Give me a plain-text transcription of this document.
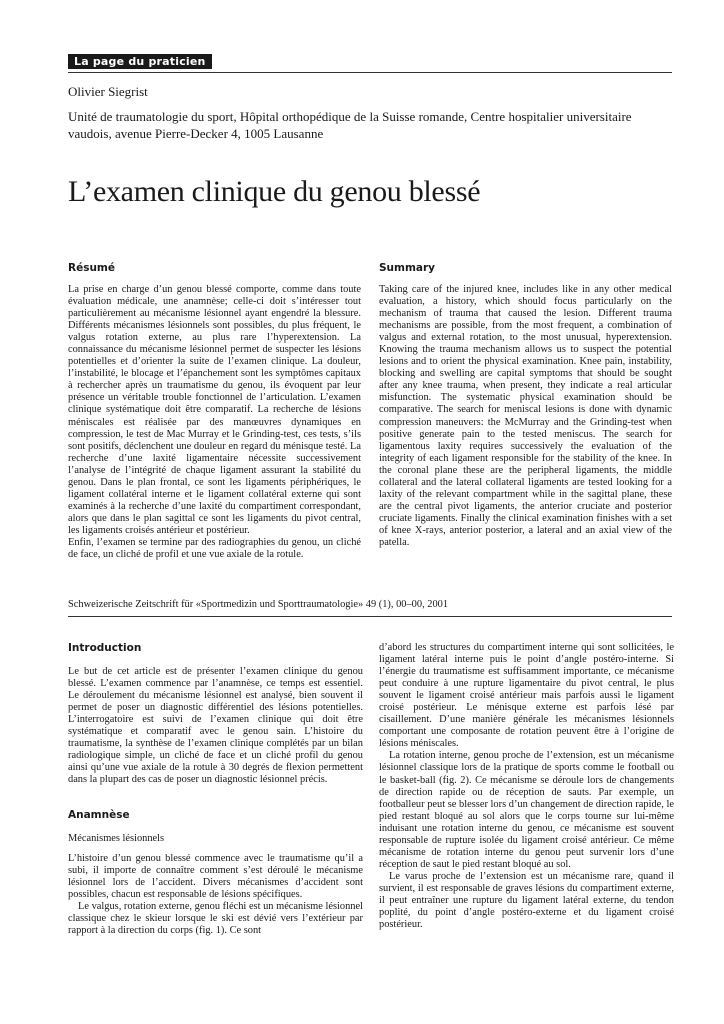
La page du praticien
Olivier Siegrist
Unité de traumatologie du sport, Hôpital orthopédique de la Suisse romande, Centre hospitalier universitaire vaudois, avenue Pierre-Decker 4, 1005 Lausanne
L’examen clinique du genou blessé
Résumé

La prise en charge d’un genou blessé comporte, comme dans toute évaluation médicale, une anamnèse; celle-ci doit s’intéresser tout particulièrement au mécanisme lésionnel ayant engendré la blessure. Différents mécanismes lésionnels sont possibles, du plus fréquent, le valgus rotation externe, au plus rare l’hyperextension. La connaissance du mécanisme lésionnel permet de suspecter les lésions potentielles et d’orienter la suite de l’examen clinique. La douleur, l’instabilité, le blocage et l’épanchement sont les symptômes capitaux à rechercher après un traumatisme du genou, ils évoquent par leur présence un véritable trouble fonctionnel de l’articulation. L’examen clinique systématique doit être comparatif. La recherche de lésions méniscales est réalisée par des manœuvres dynamiques en compression, le test de Mac Murray et le Grinding-test, ces tests, s’ils sont positifs, déclenchent une douleur en regard du ménisque testé. La recherche d’une laxité ligamentaire nécessite successivement l’analyse de l’intégrité de chaque ligament assurant la stabilité du genou. Dans le plan frontal, ce sont les ligaments périphériques, le ligament collatéral interne et le ligament collatéral externe qui sont examinés à la recherche d’une laxité du compartiment correspondant, alors que dans le plan sagittal ce sont les ligaments du pivot central, les ligaments croisés antérieur et postérieur.

Enfin, l’examen se termine par des radiographies du genou, un cliché de face, un cliché de profil et une vue axiale de la rotule.

Summary

Taking care of the injured knee, includes like in any other medical evaluation, a history, which should focus particularly on the mechanism of trauma that caused the lesion. Different trauma mechanisms are possible, from the most frequent, a combination of valgus and external rotation, to the most unusual, hyperextension. Knowing the trauma mechanism allows us to suspect the potential lesions and to orient the physical examination. Knee pain, instability, blocking and swelling are capital symptoms that should be sought after any knee trauma, when present, they indicate a real articular misfunction. The systematic physical examination should be comparative. The search for meniscal lesions is done with dynamic compression maneuvers: the McMurray and the Grinding-test when positive generate pain to the tested meniscus. The search for ligamentous laxity requires successively the evaluation of the integrity of each ligament responsible for the stability of the knee. In the coronal plane these are the peripheral ligaments, the middle collateral and the lateral collateral ligaments are tested looking for a laxity of the relevant compartment while in the sagittal plane, these are the central pivot ligaments, the anterior cruciate and posterior cruciate ligaments. Finally the clinical examination finishes with a set of knee X-rays, anterior posterior, a lateral and an axial view of the patella.

Schweizerische Zeitschrift für «Sportmedizin und Sporttraumatologie» 49 (1), 00–00, 2001
Introduction

Le but de cet article est de présenter l’examen clinique du genou blessé. L’examen commence par l’anamnèse, ce temps est essentiel. Le déroulement du mécanisme lésionnel est analysé, bien souvent il permet de poser un diagnostic différentiel des lésions potentielles. L’interrogatoire est suivi de l’examen clinique qui doit être systématique et comparatif avec le genou sain. L’histoire du traumatisme, la synthèse de l’examen clinique complétés par un bilan radiologique simple, un cliché de face et un cliché profil du genou ainsi qu’une vue axiale de la rotule à 30 degrés de flexion permettent dans la plupart des cas de poser un diagnostic lésionnel précis.

Anamnèse
Mécanismes lésionnels

L’histoire d’un genou blessé commence avec le traumatisme qu’il a subi, il importe de connaître comment s’est déroulé le mécanisme lésionnel lors de l’accident. Divers mécanismes d’accident sont possibles, chacun est responsable de lésions spécifiques.

Le valgus, rotation externe, genou fléchi est un mécanisme lésionnel classique chez le skieur lorsque le ski est dévié vers l’extérieur par rapport à la direction du corps (fig. 1). Ce sont

d’abord les structures du compartiment interne qui sont sollicitées, le ligament latéral interne puis le point d’angle postéro-interne. Si l’énergie du traumatisme est suffisamment importante, ce mécanisme peut conduire à une rupture ligamentaire du pivot central, le plus souvent le ligament croisé antérieur mais parfois aussi le ligament croisé postérieur. Le ménisque externe est parfois lésé par cisaillement. D’une manière générale les mécanismes lésionnels comportant une composante de rotation peuvent être à l’origine de lésions méniscales.

La rotation interne, genou proche de l’extension, est un mécanisme lésionnel classique lors de la pratique de sports comme le football ou le basket-ball (fig. 2). Ce mécanisme se déroule lors de changements de direction rapide ou de réception de sauts. Par exemple, un footballeur peut se blesser lors d’un changement de direction rapide, le pied restant bloqué au sol alors que le corps tourne sur lui-même induisant une rotation interne du genou, ce mécanisme est souvent responsable de rupture isolée du ligament croisé antérieur. Ce même mécanisme de rotation interne du genou peut survenir lors d’une réception de saut le pied restant bloqué au sol.

Le varus proche de l’extension est un mécanisme rare, quand il survient, il est responsable de graves lésions du compartiment externe, il peut entraîner une rupture du ligament latéral externe, du tendon poplité, du point d’angle postéro-externe et du ligament croisé postérieur.
